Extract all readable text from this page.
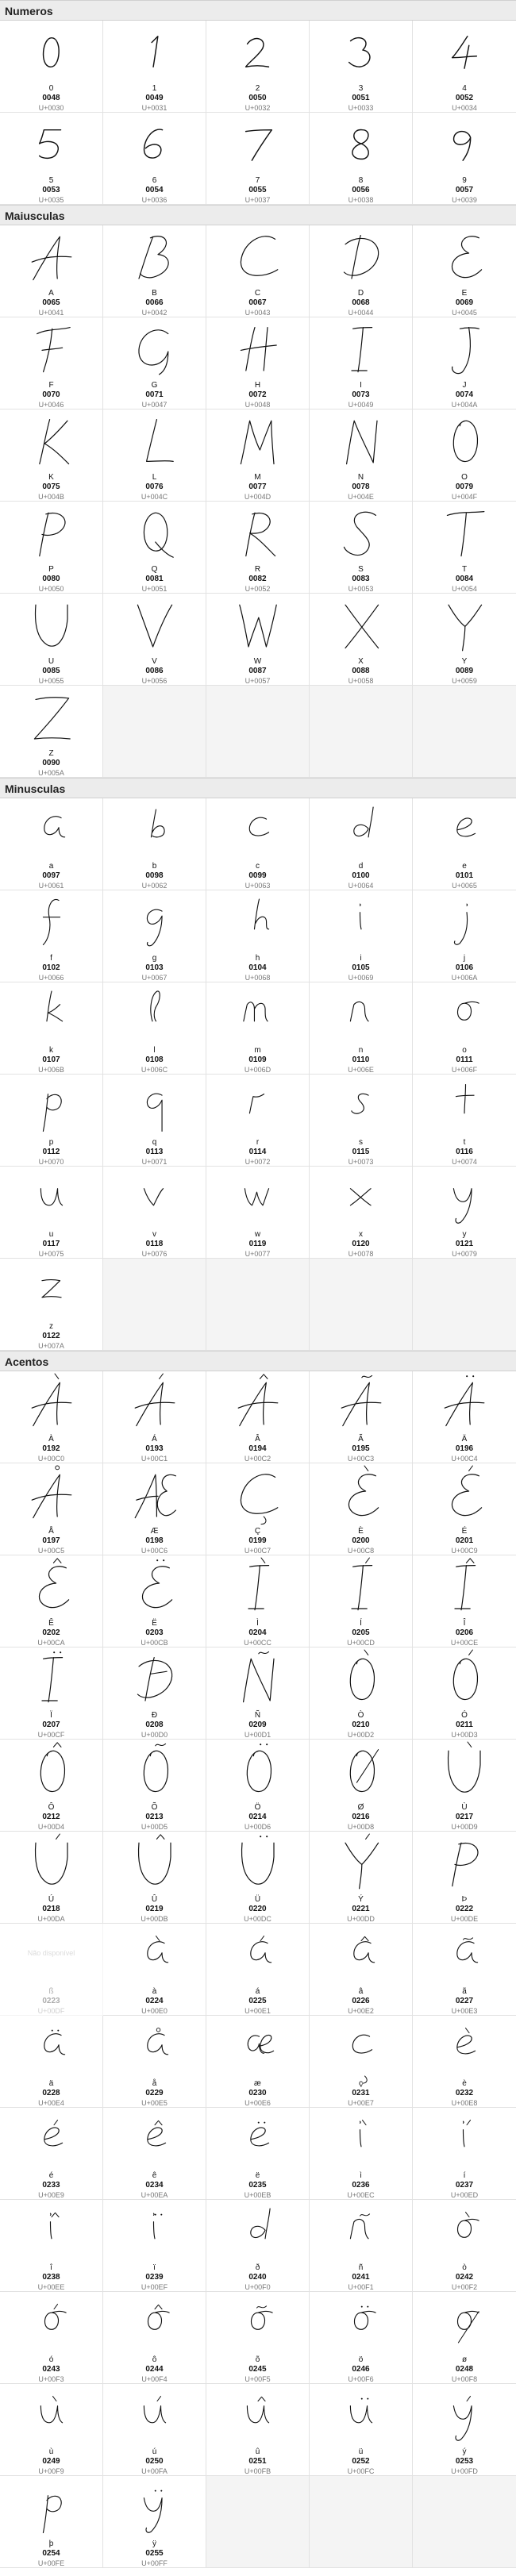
Numeros
0
0048
U+0030
1
0049
U+0031
2
0050
U+0032
3
0051
U+0033
4
0052
U+0034
5
0053
U+0035
6
0054
U+0036
7
0055
U+0037
8
0056
U+0038
9
0057
U+0039
Maiusculas
A
0065
U+0041
B
0066
U+0042
C
0067
U+0043
D
0068
U+0044
E
0069
U+0045
F
0070
U+0046
G
0071
U+0047
H
0072
U+0048
I
0073
U+0049
J
0074
U+004A
K
0075
U+004B
L
0076
U+004C
M
0077
U+004D
N
0078
U+004E
O
0079
U+004F
P
0080
U+0050
Q
0081
U+0051
R
0082
U+0052
S
0083
U+0053
T
0084
U+0054
U
0085
U+0055
V
0086
U+0056
W
0087
U+0057
X
0088
U+0058
Y
0089
U+0059
Z
0090
U+005A
Minusculas
a
0097
U+0061
b
0098
U+0062
c
0099
U+0063
d
0100
U+0064
e
0101
U+0065
f
0102
U+0066
g
0103
U+0067
h
0104
U+0068
i
0105
U+0069
j
0106
U+006A
k
0107
U+006B
l
0108
U+006C
m
0109
U+006D
n
0110
U+006E
o
0111
U+006F
p
0112
U+0070
q
0113
U+0071
r
0114
U+0072
s
0115
U+0073
t
0116
U+0074
u
0117
U+0075
v
0118
U+0076
w
0119
U+0077
x
0120
U+0078
y
0121
U+0079
z
0122
U+007A
Acentos
À
0192
U+00C0
Á
0193
U+00C1
Â
0194
U+00C2
Ã
0195
U+00C3
Ä
0196
U+00C4
Å
0197
U+00C5
Æ
0198
U+00C6
Ç
0199
U+00C7
È
0200
U+00C8
É
0201
U+00C9
Ê
0202
U+00CA
Ë
0203
U+00CB
Ì
0204
U+00CC
Í
0205
U+00CD
Î
0206
U+00CE
Ï
0207
U+00CF
Ð
0208
U+00D0
Ñ
0209
U+00D1
Ò
0210
U+00D2
Ó
0211
U+00D3
Ô
0212
U+00D4
Õ
0213
U+00D5
Ö
0214
U+00D6
Ø
0216
U+00D8
Ù
0217
U+00D9
Ú
0218
U+00DA
Û
0219
U+00DB
Ü
0220
U+00DC
Ý
0221
U+00DD
Þ
0222
U+00DE
Não disponível
ß
0223
U+00DF
à
0224
U+00E0
á
0225
U+00E1
â
0226
U+00E2
ã
0227
U+00E3
ä
0228
U+00E4
å
0229
U+00E5
æ
0230
U+00E6
ç
0231
U+00E7
è
0232
U+00E8
é
0233
U+00E9
ê
0234
U+00EA
ë
0235
U+00EB
ì
0236
U+00EC
í
0237
U+00ED
î
0238
U+00EE
ï
0239
U+00EF
ð
0240
U+00F0
ñ
0241
U+00F1
ò
0242
U+00F2
ó
0243
U+00F3
ô
0244
U+00F4
õ
0245
U+00F5
ö
0246
U+00F6
ø
0248
U+00F8
ù
0249
U+00F9
ú
0250
U+00FA
û
0251
U+00FB
ü
0252
U+00FC
ý
0253
U+00FD
þ
0254
U+00FE
ÿ
0255
U+00FF
